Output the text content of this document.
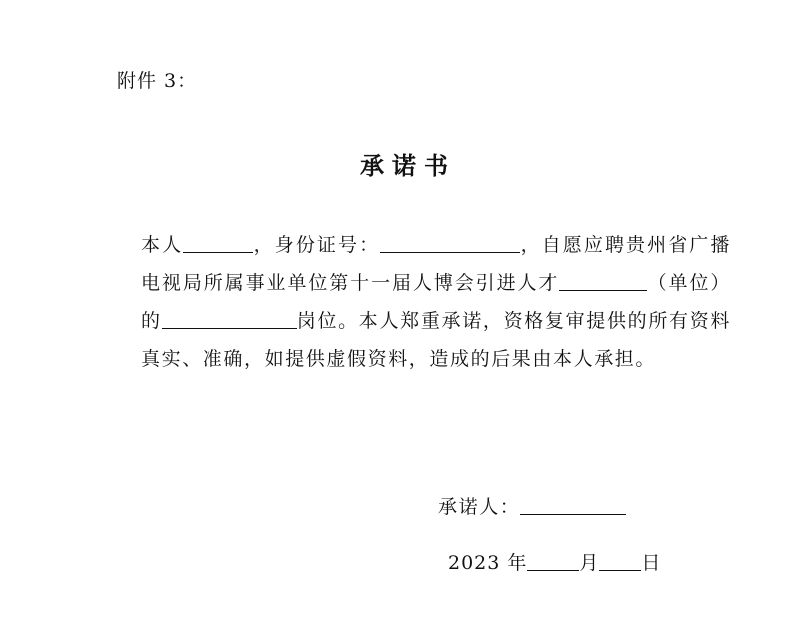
附件 3：
承诺书
本人	，身份证号：	，自愿应聘贵州省广播电视局所属事业单位第十一届人博会引进人才	（单位）的	岗位。本人郑重承诺，资格复审提供的所有资料真实、准确，如提供虚假资料，造成的后果由本人承担。
承诺人：
2023 年	月 日
